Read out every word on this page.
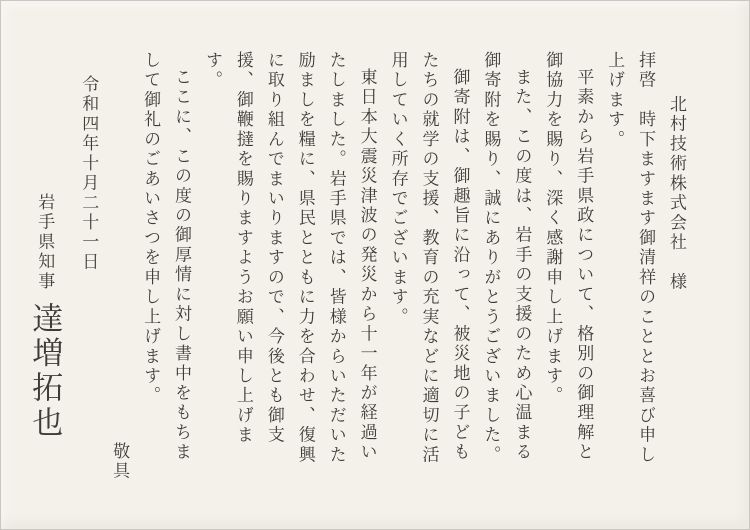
北村技術株式会社　様

拝啓　時下ますます御清祥のこととお喜び申し上げます。

平素から岩手県政について、格別の御理解と御協力を賜り、深く感謝申し上げます。

また、この度は、岩手の支援のため心温まる御寄附を賜り、誠にありがとうございました。

御寄附は、御趣旨に沿って、被災地の子どもたちの就学の支援、教育の充実などに適切に活用していく所存でございます。

東日本大震災津波の発災から十一年が経過いたしました。岩手県では、皆様からいただいた励ましを糧に、県民とともに力を合わせ、復興に取り組んでまいりますので、今後とも御支援、御鞭撻を賜りますようお願い申し上げます。

ここに、この度の御厚情に対し書中をもちまして御礼のごあいさつを申し上げます。

敬具

令和四年十月二十一日

岩手県知事達増拓也
